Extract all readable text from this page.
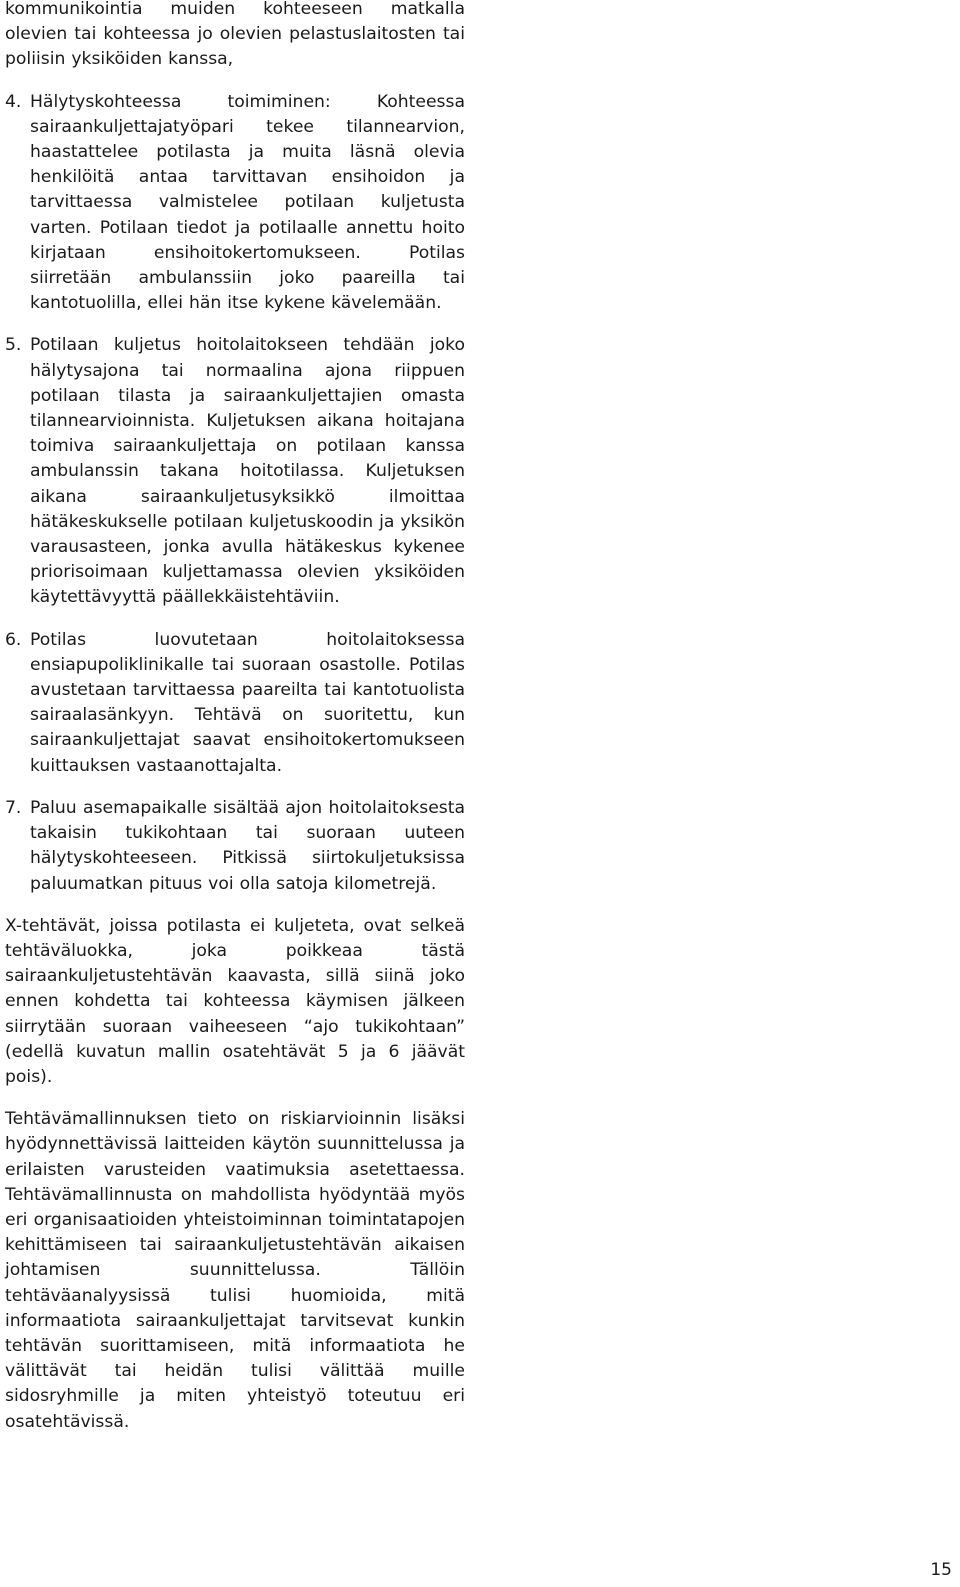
kommunikointia muiden kohteeseen matkalla olevien tai kohteessa jo olevien pelastuslaitosten tai poliisin yksiköiden kanssa,

4. Hälytyskohteessa toimiminen: Kohteessa sairaankuljettajatyöpari tekee tilannearvion, haastattelee potilasta ja muita läsnä olevia henkilöitä antaa tarvittavan ensihoidon ja tarvittaessa valmistelee potilaan kuljetusta varten. Potilaan tiedot ja potilaalle annettu hoito kirjataan ensihoitokertomukseen. Potilas siirretään ambulanssiin joko paareilla tai kantotuolilla, ellei hän itse kykene kävelemään.
5. Potilaan kuljetus hoitolaitokseen tehdään joko hälytysajona tai normaalina ajona riippuen potilaan tilasta ja sairaankuljettajien omasta tilannearvioinnista. Kuljetuksen aikana hoitajana toimiva sairaankuljettaja on potilaan kanssa ambulanssin takana hoitotilassa. Kuljetuksen aikana sairaankuljetusyksikkö ilmoittaa hätäkeskukselle potilaan kuljetuskoodin ja yksikön varausasteen, jonka avulla hätäkeskus kykenee priorisoimaan kuljettamassa olevien yksiköiden käytettävyyttä päällekkäistehtäviin.
6. Potilas luovutetaan hoitolaitoksessa ensiapupoliklinikalle tai suoraan osastolle. Potilas avustetaan tarvittaessa paareilta tai kantotuolista sairaalasänkyyn. Tehtävä on suoritettu, kun sairaankuljettajat saavat ensihoitokertomukseen kuittauksen vastaanottajalta.
7. Paluu asemapaikalle sisältää ajon hoitolaitoksesta takaisin tukikohtaan tai suoraan uuteen hälytyskohteeseen. Pitkissä siirtokuljetuksissa paluumatkan pituus voi olla satoja kilometrejä.

X-tehtävät, joissa potilasta ei kuljeteta, ovat selkeä tehtäväluokka, joka poikkeaa tästä sairaankuljetustehtävän kaavasta, sillä siinä joko ennen kohdetta tai kohteessa käymisen jälkeen siirrytään suoraan vaiheeseen “ajo tukikohtaan” (edellä kuvatun mallin osatehtävät 5 ja 6 jäävät pois).

Tehtävämallinnuksen tieto on riskiarvioinnin lisäksi hyödynnettävissä laitteiden käytön suunnittelussa ja erilaisten varusteiden vaatimuksia asetettaessa. Tehtävämallinnusta on mahdollista hyödyntää myös eri organisaatioiden yhteistoiminnan toimintatapojen kehittämiseen tai sairaankuljetustehtävän aikaisen johtamisen suunnittelussa. Tällöin tehtäväanalyysissä tulisi huomioida, mitä informaatiota sairaankuljettajat tarvitsevat kunkin tehtävän suorittamiseen, mitä informaatiota he välittävät tai heidän tulisi välittää muille sidosryhmille ja miten yhteistyö toteutuu eri osatehtävissä.

15
